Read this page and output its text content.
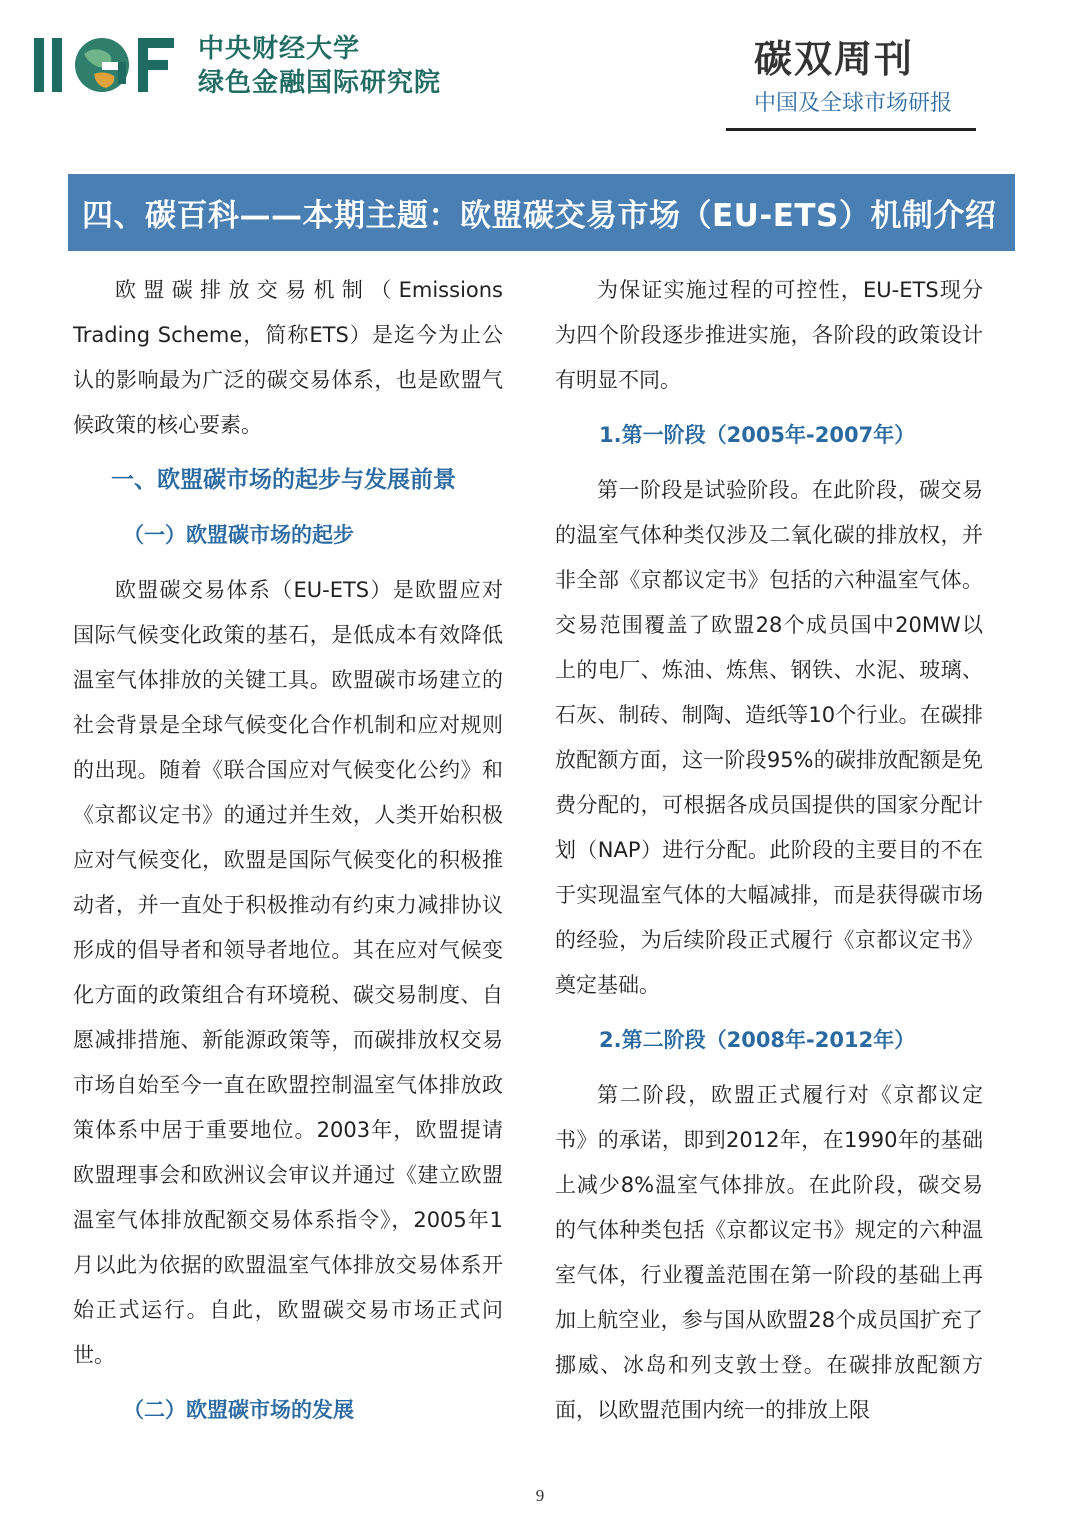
中央财经大学
绿色金融国际研究院
碳双周刊
中国及全球市场研报
四、碳百科——本期主题：欧盟碳交易市场（EU-ETS）机制介绍

欧盟碳排放交易机制（Emissions Trading Scheme，简称ETS）是迄今为止公认的影响最为广泛的碳交易体系，也是欧盟气候政策的核心要素。

一、欧盟碳市场的起步与发展前景

（一）欧盟碳市场的起步

欧盟碳交易体系（EU-ETS）是欧盟应对国际气候变化政策的基石，是低成本有效降低温室气体排放的关键工具。欧盟碳市场建立的社会背景是全球气候变化合作机制和应对规则的出现。随着《联合国应对气候变化公约》和《京都议定书》的通过并生效，人类开始积极应对气候变化，欧盟是国际气候变化的积极推动者，并一直处于积极推动有约束力减排协议形成的倡导者和领导者地位。其在应对气候变化方面的政策组合有环境税、碳交易制度、自愿减排措施、新能源政策等，而碳排放权交易市场自始至今一直在欧盟控制温室气体排放政策体系中居于重要地位。2003年，欧盟提请欧盟理事会和欧洲议会审议并通过《建立欧盟温室气体排放配额交易体系指令》，2005年1月以此为依据的欧盟温室气体排放交易体系开始正式运行。自此，欧盟碳交易市场正式问世。

（二）欧盟碳市场的发展

为保证实施过程的可控性，EU-ETS现分为四个阶段逐步推进实施，各阶段的政策设计有明显不同。

1.第一阶段（2005年-2007年）

第一阶段是试验阶段。在此阶段，碳交易的温室气体种类仅涉及二氧化碳的排放权，并非全部《京都议定书》包括的六种温室气体。交易范围覆盖了欧盟28个成员国中20MW以上的电厂、炼油、炼焦、钢铁、水泥、玻璃、石灰、制砖、制陶、造纸等10个行业。在碳排放配额方面，这一阶段95%的碳排放配额是免费分配的，可根据各成员国提供的国家分配计划（NAP）进行分配。此阶段的主要目的不在于实现温室气体的大幅减排，而是获得碳市场的经验，为后续阶段正式履行《京都议定书》奠定基础。

2.第二阶段（2008年-2012年）

第二阶段，欧盟正式履行对《京都议定书》的承诺，即到2012年，在1990年的基础上减少8%温室气体排放。在此阶段，碳交易的气体种类包括《京都议定书》规定的六种温室气体，行业覆盖范围在第一阶段的基础上再加上航空业，参与国从欧盟28个成员国扩充了挪威、冰岛和列支敦士登。在碳排放配额方面，以欧盟范围内统一的排放上限

9
